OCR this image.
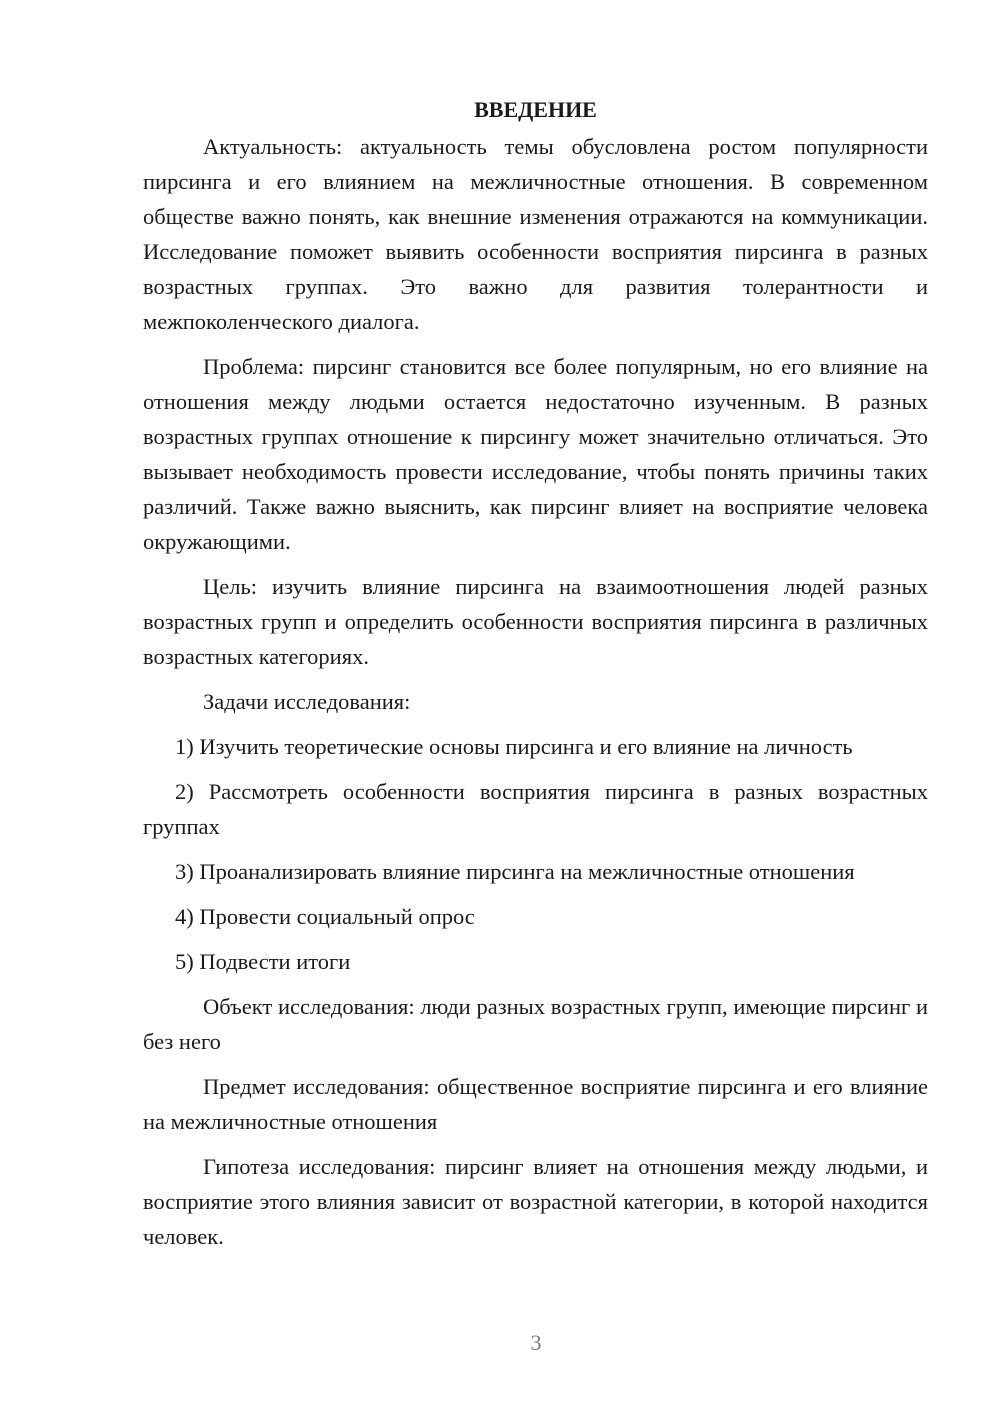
ВВЕДЕНИЕ

Актуальность: актуальность темы обусловлена ростом популярности пирсинга и его влиянием на межличностные отношения. В современном обществе важно понять, как внешние изменения отражаются на коммуникации. Исследование поможет выявить особенности восприятия пирсинга в разных возрастных группах. Это важно для развития толерантности и межпоколенческого диалога.

Проблема: пирсинг становится все более популярным, но его влияние на отношения между людьми остается недостаточно изученным. В разных возрастных группах отношение к пирсингу может значительно отличаться. Это вызывает необходимость провести исследование, чтобы понять причины таких различий. Также важно выяснить, как пирсинг влияет на восприятие человека окружающими.

Цель: изучить влияние пирсинга на взаимоотношения людей разных возрастных групп и определить особенности восприятия пирсинга в различных возрастных категориях.

Задачи исследования:

1) Изучить теоретические основы пирсинга и его влияние на личность

2) Рассмотреть особенности восприятия пирсинга в разных возрастных группах

3) Проанализировать влияние пирсинга на межличностные отношения

4) Провести социальный опрос

5) Подвести итоги

Объект исследования: люди разных возрастных групп, имеющие пирсинг и без него

Предмет исследования: общественное восприятие пирсинга и его влияние на межличностные отношения

Гипотеза исследования: пирсинг влияет на отношения между людьми, и восприятие этого влияния зависит от возрастной категории, в которой находится человек.

3
